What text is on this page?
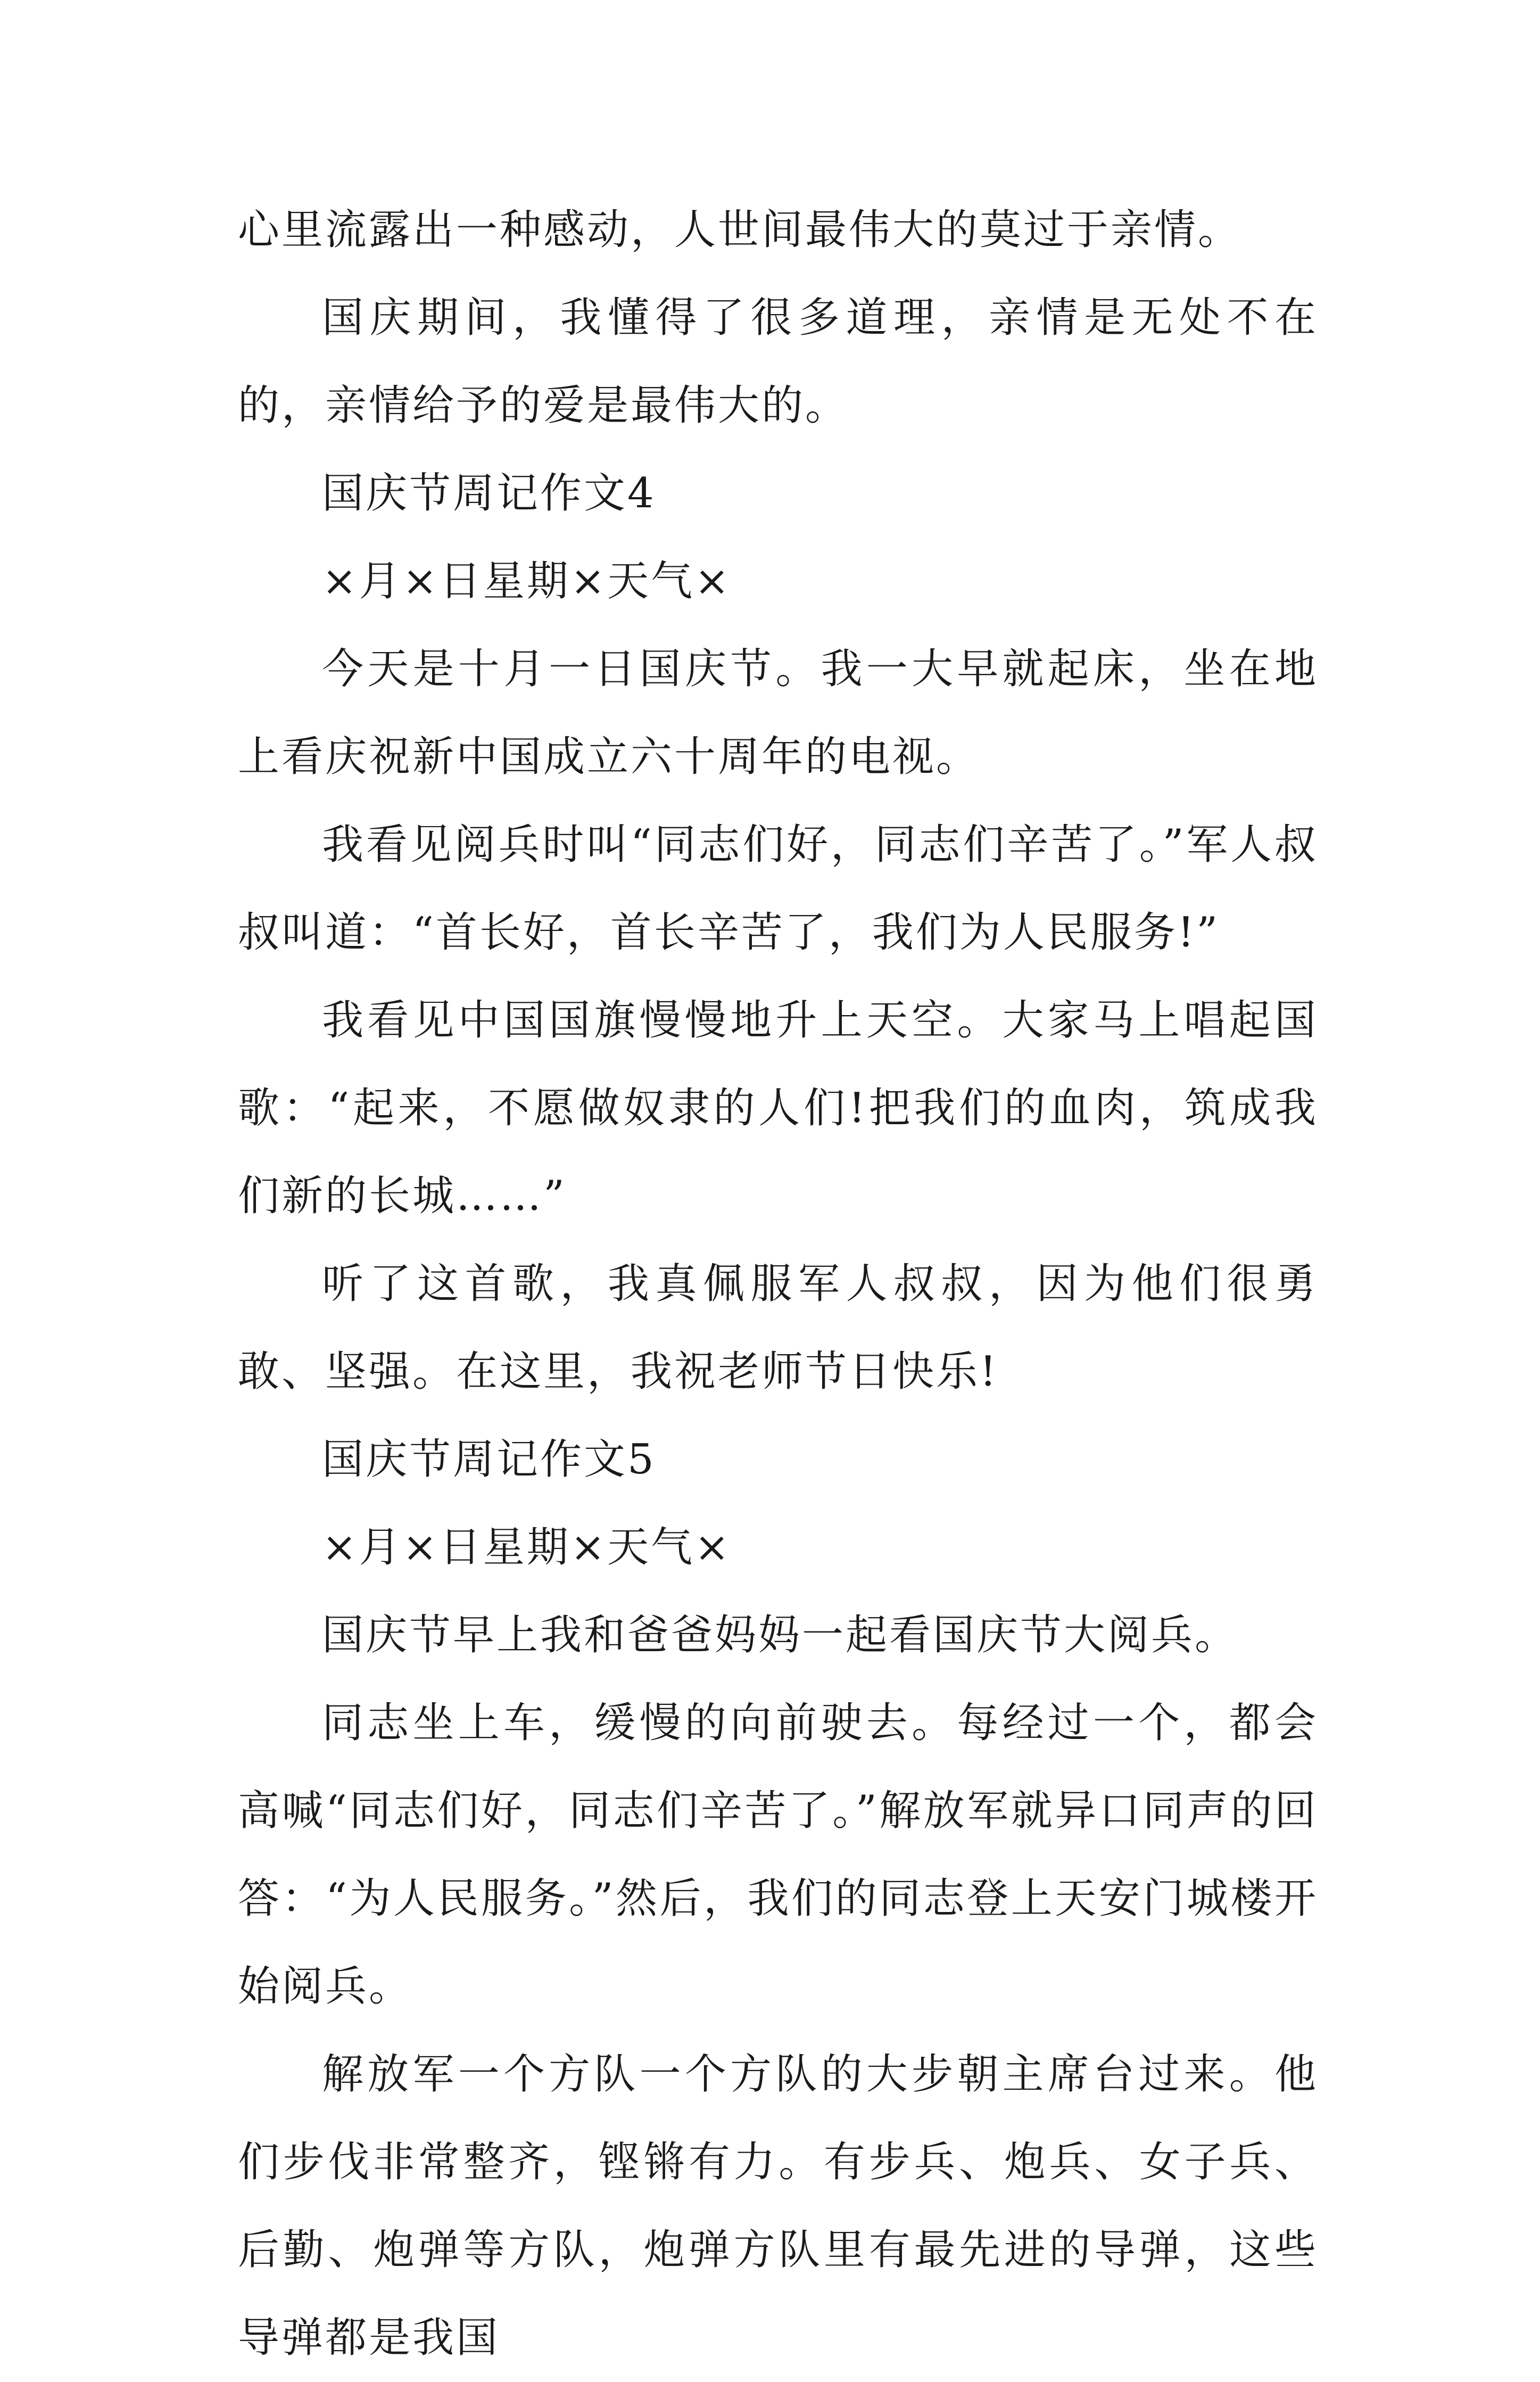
心里流露出一种感动，人世间最伟大的莫过于亲情。

国庆期间，我懂得了很多道理，亲情是无处不在的，亲情给予的爱是最伟大的。

国庆节周记作文4

×月×日星期×天气×

今天是十月一日国庆节。我一大早就起床，坐在地上看庆祝新中国成立六十周年的电视。

我看见阅兵时叫“同志们好，同志们辛苦了。”军人叔叔叫道：“首长好，首长辛苦了，我们为人民服务!”

我看见中国国旗慢慢地升上天空。大家马上唱起国歌：“起来，不愿做奴隶的人们!把我们的血肉，筑成我们新的长城……”

听了这首歌，我真佩服军人叔叔，因为他们很勇敢、坚强。在这里，我祝老师节日快乐!

国庆节周记作文5

×月×日星期×天气×

国庆节早上我和爸爸妈妈一起看国庆节大阅兵。

同志坐上车，缓慢的向前驶去。每经过一个，都会高喊“同志们好，同志们辛苦了。”解放军就异口同声的回答：“为人民服务。”然后，我们的同志登上天安门城楼开始阅兵。

解放军一个方队一个方队的大步朝主席台过来。他们步伐非常整齐，铿锵有力。有步兵、炮兵、女子兵、后勤、炮弹等方队，炮弹方队里有最先进的导弹，这些导弹都是我国
